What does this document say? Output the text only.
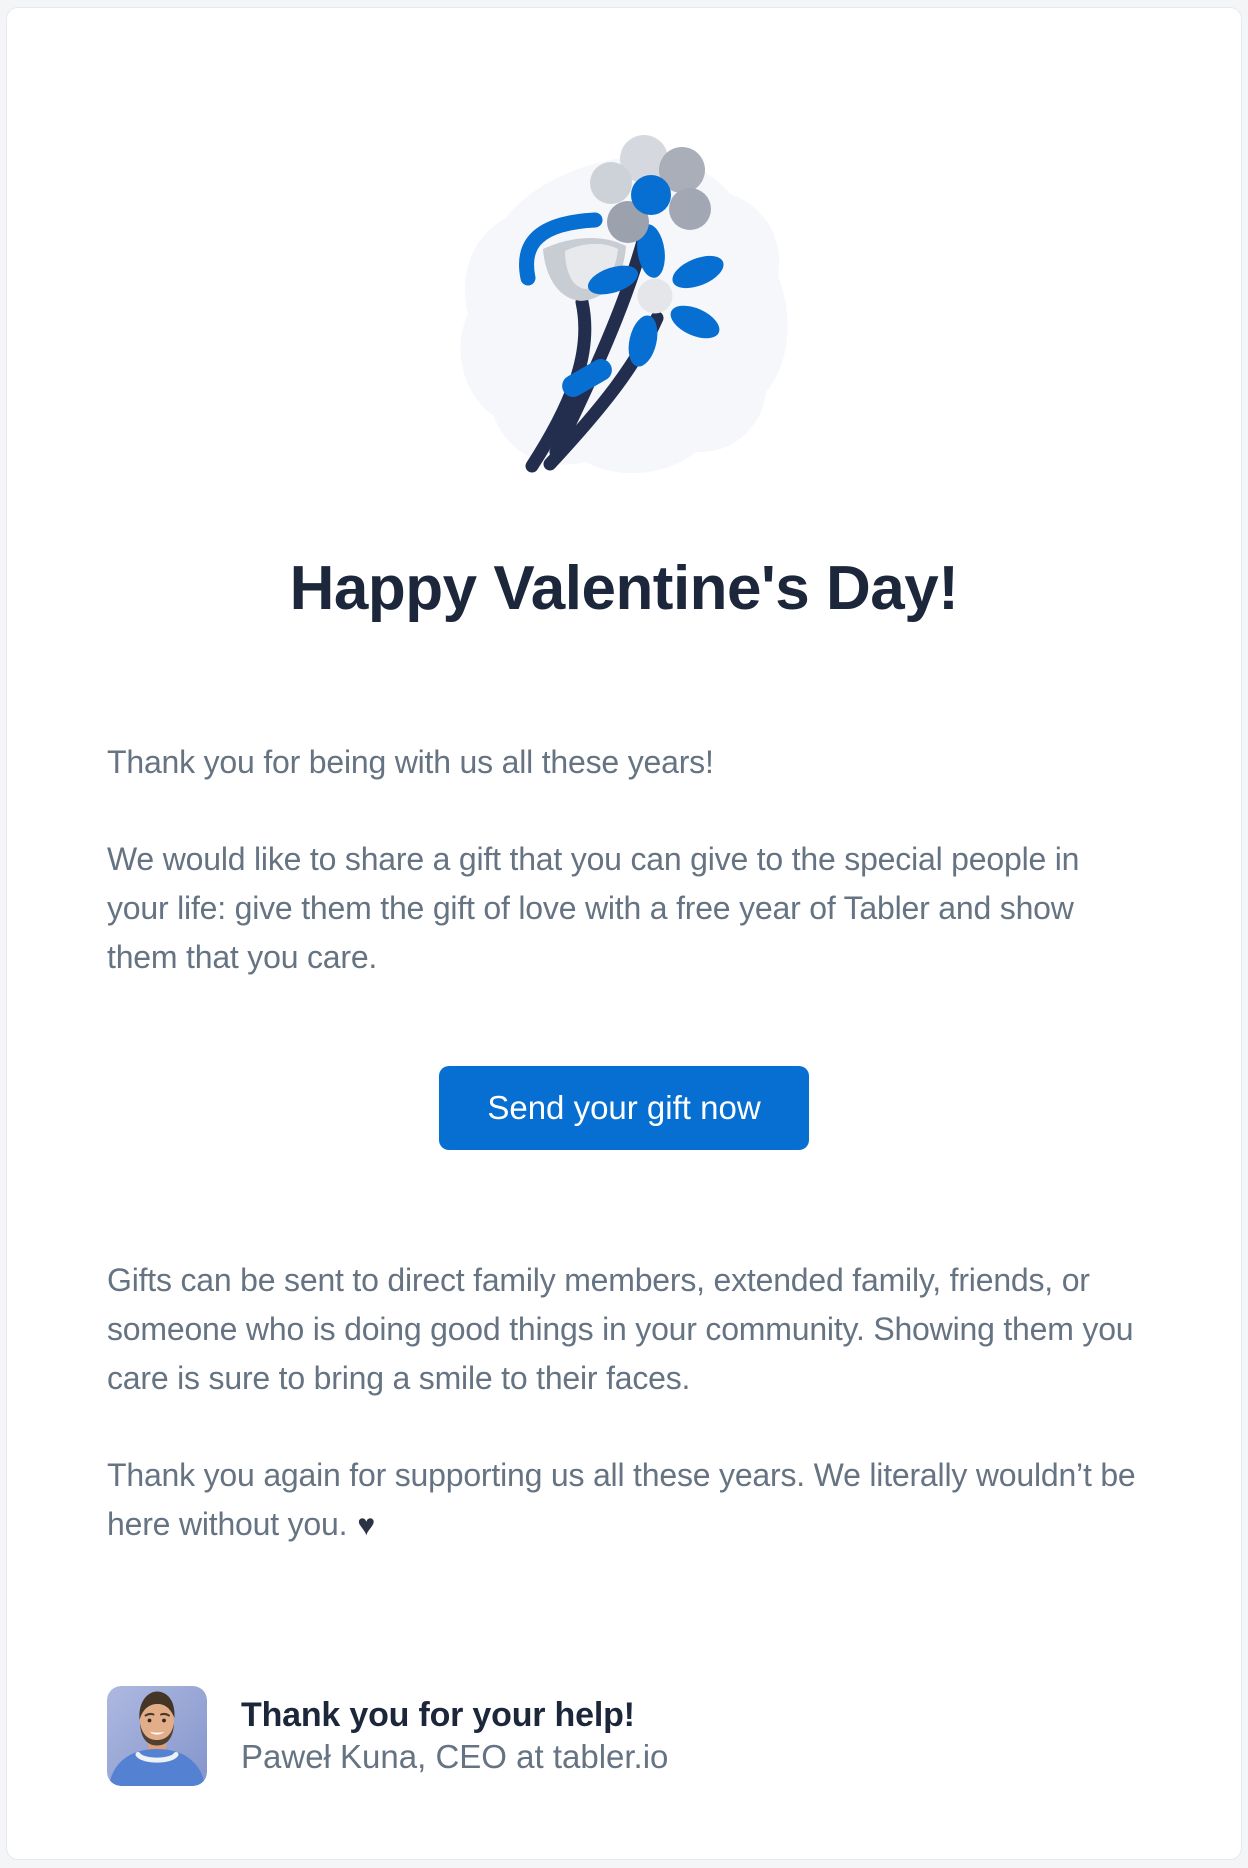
Happy Valentine's Day!

Thank you for being with us all these years!

We would like to share a gift that you can give to the special people in
your life: give them the gift of love with a free year of Tabler and show
them that you care.

Send your gift now

Gifts can be sent to direct family members, extended family, friends, or
someone who is doing good things in your community. Showing them you
care is sure to bring a smile to their faces.

Thank you again for supporting us all these years. We literally wouldn’t be
here without you. ♥

Thank you for your help!
Paweł Kuna, CEO at tabler.io
